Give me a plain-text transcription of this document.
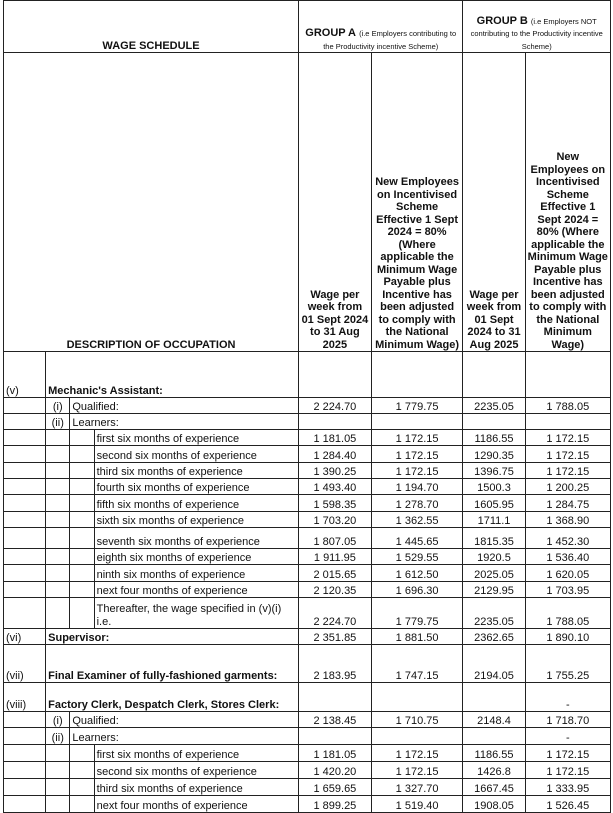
WAGE SCHEDULE				GROUP A (i.e Employers contributing to the Productivity incentive Scheme)		GROUP B (i.e Employers NOT contributing to the Productivity incentive Scheme)	
DESCRIPTION OF OCCUPATION				Wage per week from 01 Sept 2024 to 31 Aug 2025	New Employees on Incentivised Scheme Effective 1 Sept 2024 = 80% (Where applicable the Minimum Wage Payable plus Incentive has been adjusted to comply with the National Minimum Wage)	Wage per week from 01 Sept 2024 to 31 Aug 2025	New Employees on Incentivised Scheme Effective 1 Sept 2024 = 80% (Where applicable the Minimum Wage Payable plus Incentive has been adjusted to comply with the National Minimum Wage)
(v)	Mechanic's Assistant:						
	(i)	Qualified:		2 224.70	1 779.75	2235.05	1 788.05
	(ii)	Learners:					
			first six months of experience	1 181.05	1 172.15	1186.55	1 172.15
			second six months of experience	1 284.40	1 172.15	1290.35	1 172.15
			third six months of experience	1 390.25	1 172.15	1396.75	1 172.15
			fourth six months of experience	1 493.40	1 194.70	1500.3	1 200.25
			fifth six months of experience	1 598.35	1 278.70	1605.95	1 284.75
			sixth six months of experience	1 703.20	1 362.55	1711.1	1 368.90
			seventh six months of experience	1 807.05	1 445.65	1815.35	1 452.30
			eighth six months of experience	1 911.95	1 529.55	1920.5	1 536.40
			ninth six months of experience	2 015.65	1 612.50	2025.05	1 620.05
			next four months of experience	2 120.35	1 696.30	2129.95	1 703.95
			Thereafter, the wage specified in (v)(i) i.e.	2 224.70	1 779.75	2235.05	1 788.05
(vi)	Supervisor:			2 351.85	1 881.50	2362.65	1 890.10
(vii)	Final Examiner of fully-fashioned garments:			2 183.95	1 747.15	2194.05	1 755.25
(viii)	Factory Clerk, Despatch Clerk, Stores Clerk:						-
	(i)	Qualified:		2 138.45	1 710.75	2148.4	1 718.70
	(ii)	Learners:					-
			first six months of experience	1 181.05	1 172.15	1186.55	1 172.15
			second six months of experience	1 420.20	1 172.15	1426.8	1 172.15
			third six months of experience	1 659.65	1 327.70	1667.45	1 333.95
			next four months of experience	1 899.25	1 519.40	1908.05	1 526.45
